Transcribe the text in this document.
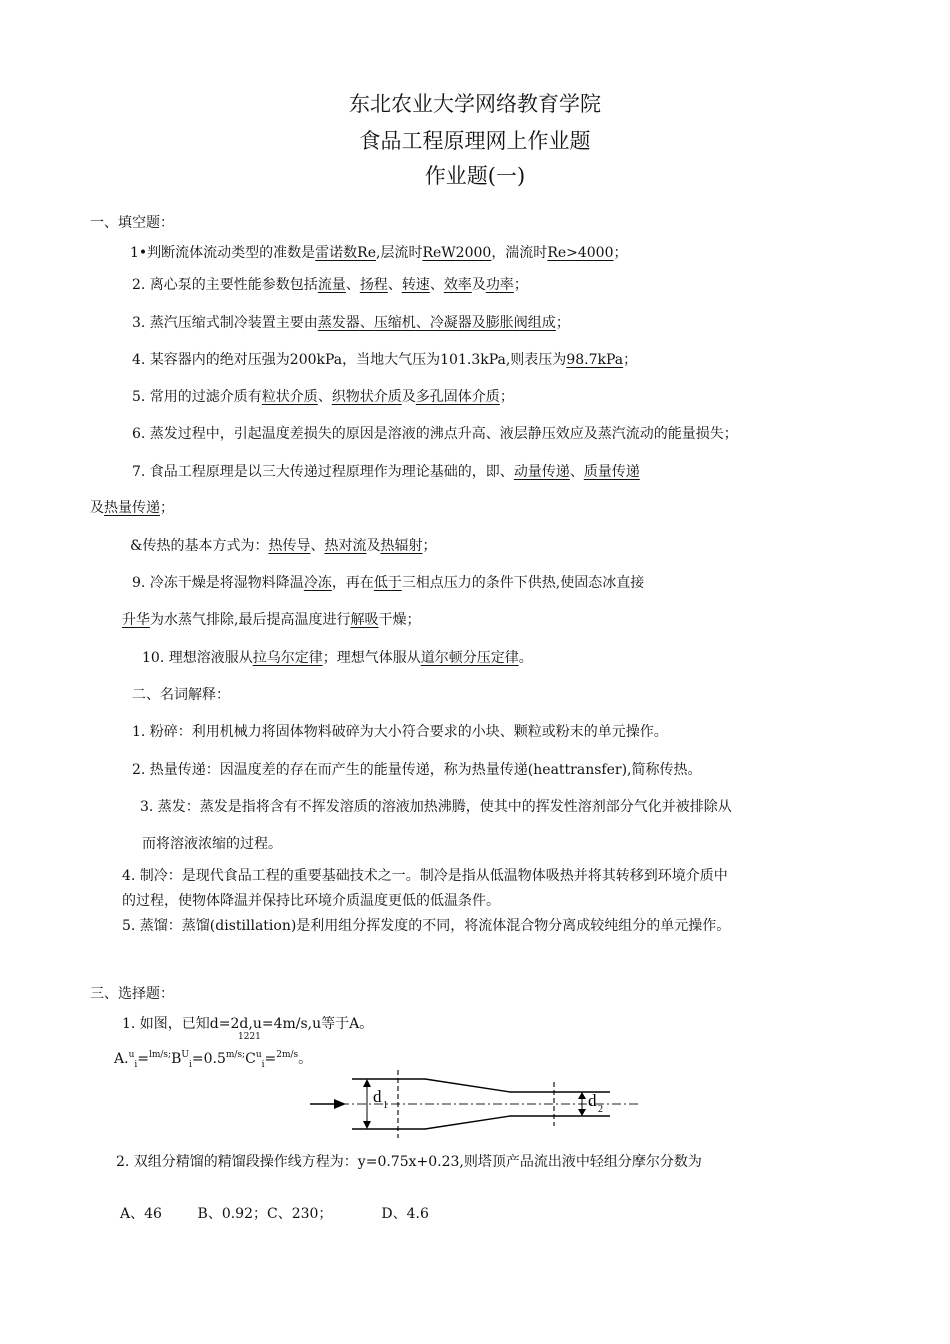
东北农业大学网络教育学院
食品工程原理网上作业题
作业题(一)
一、填空题：
1•判断流体流动类型的准数是雷诺数Re,层流时ReW2000，湍流时Re>4000；
2. 离心泵的主要性能参数包括流量、扬程、转速、效率及功率；
3. 蒸汽压缩式制冷装置主要由蒸发器、压缩机、冷凝器及膨胀阀组成；
4. 某容器内的绝对压强为200kPa，当地大气压为101.3kPa,则表压为98.7kPa；
5. 常用的过滤介质有粒状介质、织物状介质及多孔固体介质；
6. 蒸发过程中，引起温度差损失的原因是溶液的沸点升高、液层静压效应及蒸汽流动的能量损失；
7. 食品工程原理是以三大传递过程原理作为理论基础的，即、动量传递、质量传递
及热量传递；
&传热的基本方式为：热传导、热对流及热辐射；
9. 冷冻干燥是将湿物料降温冷冻，再在低于三相点压力的条件下供热,使固态冰直接
升华为水蒸气排除,最后提高温度进行解吸干燥；
10. 理想溶液服从拉乌尔定律；理想气体服从道尔顿分压定律。
二、名词解释：
1. 粉碎：利用机械力将固体物料破碎为大小符合要求的小块、颗粒或粉末的单元操作。
2. 热量传递：因温度差的存在而产生的能量传递，称为热量传递(heattransfer),简称传热。
3. 蒸发：蒸发是指将含有不挥发溶质的溶液加热沸腾，使其中的挥发性溶剂部分气化并被排除从
而将溶液浓缩的过程。
4. 制冷：是现代食品工程的重要基础技术之一。制冷是指从低温物体吸热并将其转移到环境介质中
的过程，使物体降温并保持比环境介质温度更低的低温条件。
5. 蒸馏：蒸馏(distillation)是利用组分挥发度的不同，将流体混合物分离成较纯组分的单元操作。
三、选择题：
1. 如图，已知d=2d,u=4m/s,u等于A。
1221
$A.^u_i=^{lm/s;}B^U_i=0.5^{m/s;}C^u_i=^{2m/s}$。
d 1	d 2
2. 双组分精馏的精馏段操作线方程为：y=0.75x+0.23,则塔顶产品流出液中轻组分摩尔分数为
A、46        B、0.92；C、230；           D、4.6
